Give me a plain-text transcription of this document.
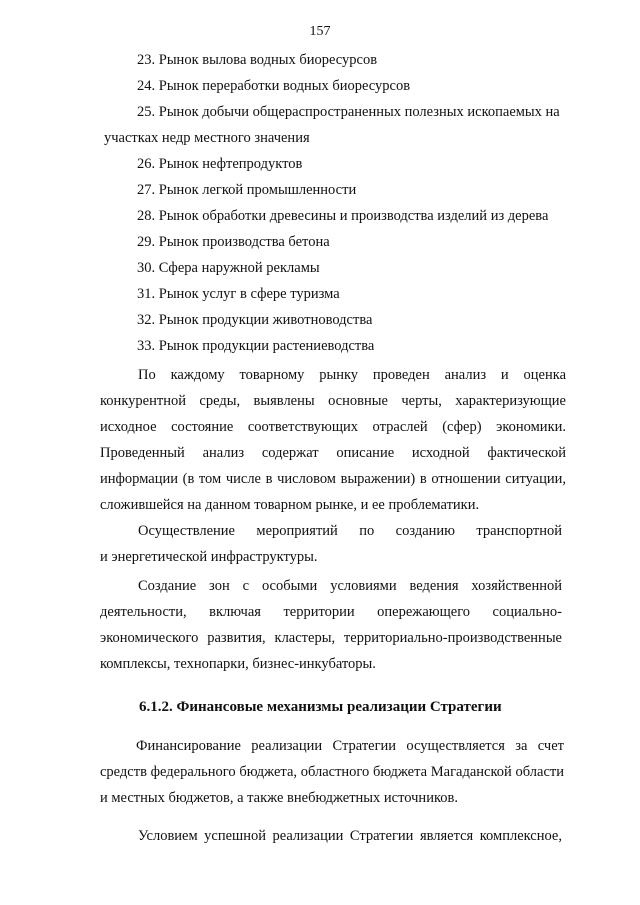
157
23. Рынок вылова водных биоресурсов
24. Рынок переработки водных биоресурсов
25. Рынок добычи общераспространенных полезных ископаемых на
участках недр местного значения
26. Рынок нефтепродуктов
27. Рынок легкой промышленности
28. Рынок обработки древесины и производства изделий из дерева
29. Рынок производства бетона
30. Сфера наружной рекламы
31. Рынок услуг в сфере туризма
32. Рынок продукции животноводства
33. Рынок продукции растениеводства
По каждому товарному рынку проведен анализ и оценка
конкурентной среды, выявлены основные черты, характеризующие
исходное состояние соответствующих отраслей (сфер) экономики.
Проведенный анализ содержат описание исходной фактической
информации (в том числе в числовом выражении) в отношении ситуации,
сложившейся на данном товарном рынке, и ее проблематики.
Осуществление мероприятий по созданию транспортной
и энергетической инфраструктуры.
Создание зон с особыми условиями ведения хозяйственной
деятельности, включая территории опережающего социально-
экономического развития, кластеры, территориально-производственные
комплексы, технопарки, бизнес-инкубаторы.
6.1.2. Финансовые механизмы реализации Стратегии
Финансирование реализации Стратегии осуществляется за счет
средств федерального бюджета, областного бюджета Магаданской области
и местных бюджетов, а также внебюджетных источников.
Условием успешной реализации Стратегии является комплексное,
